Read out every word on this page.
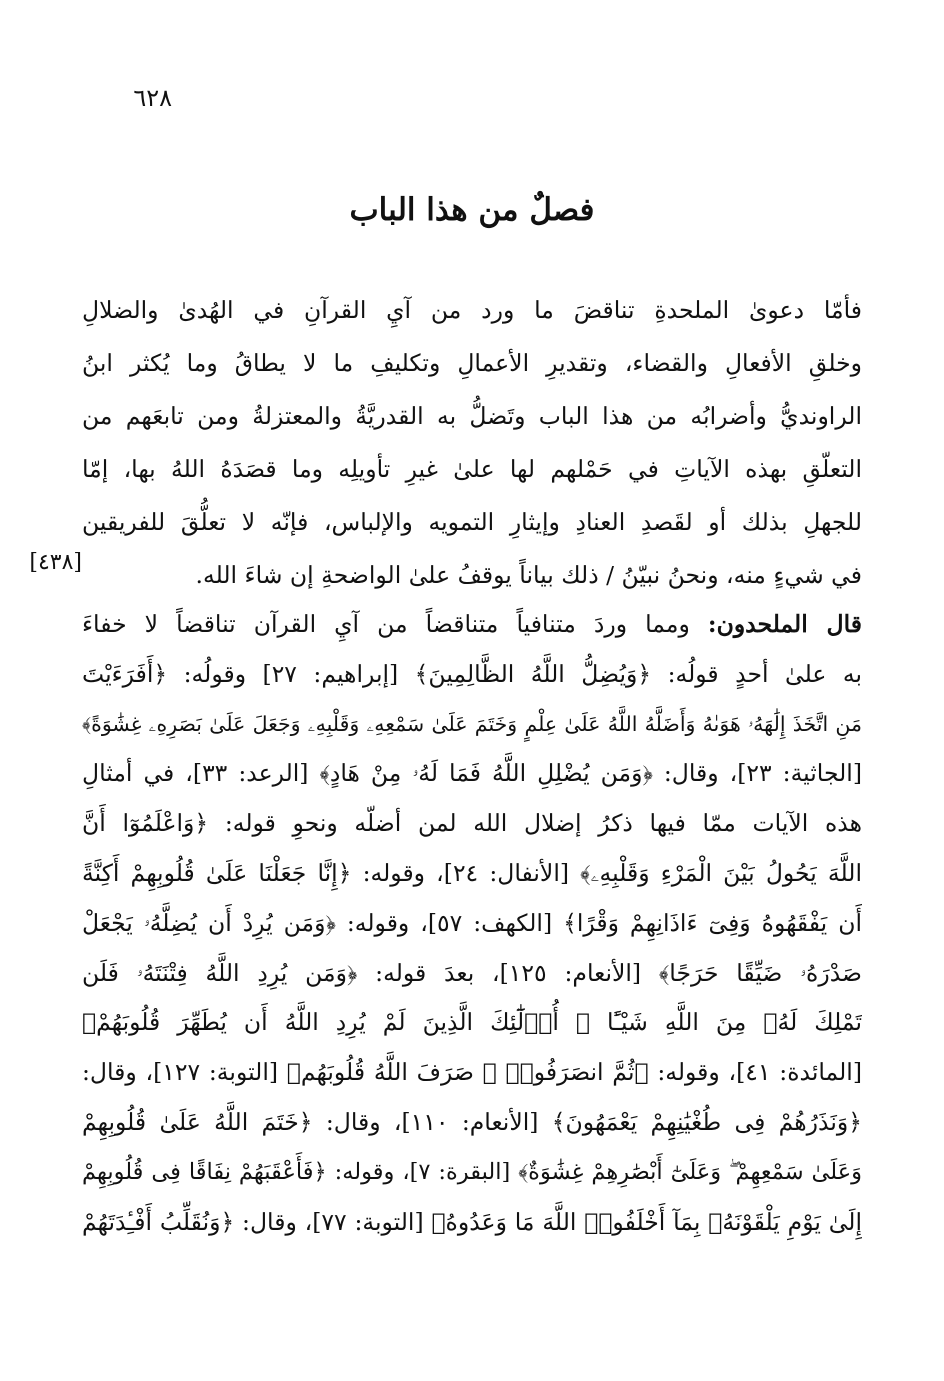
٦٢٨
فصلٌ من هذا الباب
فأمّا دعوىٰ الملحدةِ تناقضَ ما ورد من آيِ القرآنِ في الهُدىٰ والضلالِ
وخلقِ الأفعالِ والقضاء، وتقديرِ الأعمالِ وتكليفِ ما لا يطاقُ وما يُكثر ابنُ
الراونديُّ وأضرابُه من هذا الباب وتَضلُّ به القدريَّةُ والمعتزلةُ ومن تابعَهم من
التعلّقِ بهذه الآياتِ في حَمْلهم لها علىٰ غيرِ تأويلِه وما قصَدَهُ اللهُ بها، إمّا
للجهلِ بذلك أو لقَصدِ العنادِ وإيثارِ التمويه والإلباس، فإنّه لا تعلُّقَ للفريقين
في شيءٍ منه، ونحنُ نبيّنُ / ذلك بياناً يوقفُ علىٰ الواضحةِ إن شاءَ الله.
[٤٣٨]
قال الملحدون: ومما وردَ متنافياً متناقضاً من آيِ القرآن تناقضاً لا خفاءَ
به علىٰ أحدٍ قولُه: ﴿وَيُضِلُّ اللَّهُ الظَّالِمِينَ﴾ [إبراهيم: ٢٧] وقولُه: ﴿أَفَرَءَيْتَ
مَنِ اتَّخَذَ إِلَٰهَهُۥ هَوَىٰهُ وَأَضَلَّهُ اللَّهُ عَلَىٰ عِلْمٍ وَخَتَمَ عَلَىٰ سَمْعِهِۦ وَقَلْبِهِۦ وَجَعَلَ عَلَىٰ بَصَرِهِۦ غِشَٰوَةً﴾
[الجاثية: ٢٣]، وقال: ﴿وَمَن يُضْلِلِ اللَّهُ فَمَا لَهُۥ مِنْ هَادٍ﴾ [الرعد: ٣٣]، في أمثالِ
هذه الآيات ممّا فيها ذكرُ إضلال الله لمن أضلّه ونحوِ قوله: ﴿وَاعْلَمُوٓا أَنَّ
اللَّهَ يَحُولُ بَيْنَ الْمَرْءِ وَقَلْبِهِۦ﴾ [الأنفال: ٢٤]، وقوله: ﴿إِنَّا جَعَلْنَا عَلَىٰ قُلُوبِهِمْ أَكِنَّةً
أَن يَفْقَهُوهُ وَفِىٓ ءَاذَانِهِمْ وَقْرًا﴾ [الكهف: ٥٧]، وقوله: ﴿وَمَن يُرِدْ أَن يُضِلَّهُۥ يَجْعَلْ
صَدْرَهُۥ ضَيِّقًا حَرَجًا﴾ [الأنعام: ١٢٥]، بعدَ قوله: ﴿وَمَن يُرِدِ اللَّهُ فِتْنَتَهُۥ فَلَن
تَمْلِكَ لَهُۥ مِنَ اللَّهِ شَيْـًٔا ۚ أُو۟لَٰٓئِكَ الَّذِينَ لَمْ يُرِدِ اللَّهُ أَن يُطَهِّرَ قُلُوبَهُمْ﴾
[المائدة: ٤١]، وقوله: ﴿ثُمَّ انصَرَفُوا۟ ۚ صَرَفَ اللَّهُ قُلُوبَهُم﴾ [التوبة: ١٢٧]، وقال:
﴿وَنَذَرُهُمْ فِى طُغْيَٰنِهِمْ يَعْمَهُونَ﴾ [الأنعام: ١١٠]، وقال: ﴿خَتَمَ اللَّهُ عَلَىٰ قُلُوبِهِمْ
وَعَلَىٰ سَمْعِهِمْ ۖ وَعَلَىٰٓ أَبْصَٰرِهِمْ غِشَٰوَةٌ﴾ [البقرة: ٧]، وقوله: ﴿فَأَعْقَبَهُمْ نِفَاقًا فِى قُلُوبِهِمْ
إِلَىٰ يَوْمِ يَلْقَوْنَهُۥ بِمَآ أَخْلَفُوا۟ اللَّهَ مَا وَعَدُوهُ﴾ [التوبة: ٧٧]، وقال: ﴿وَنُقَلِّبُ أَفْـِٔدَتَهُمْ
